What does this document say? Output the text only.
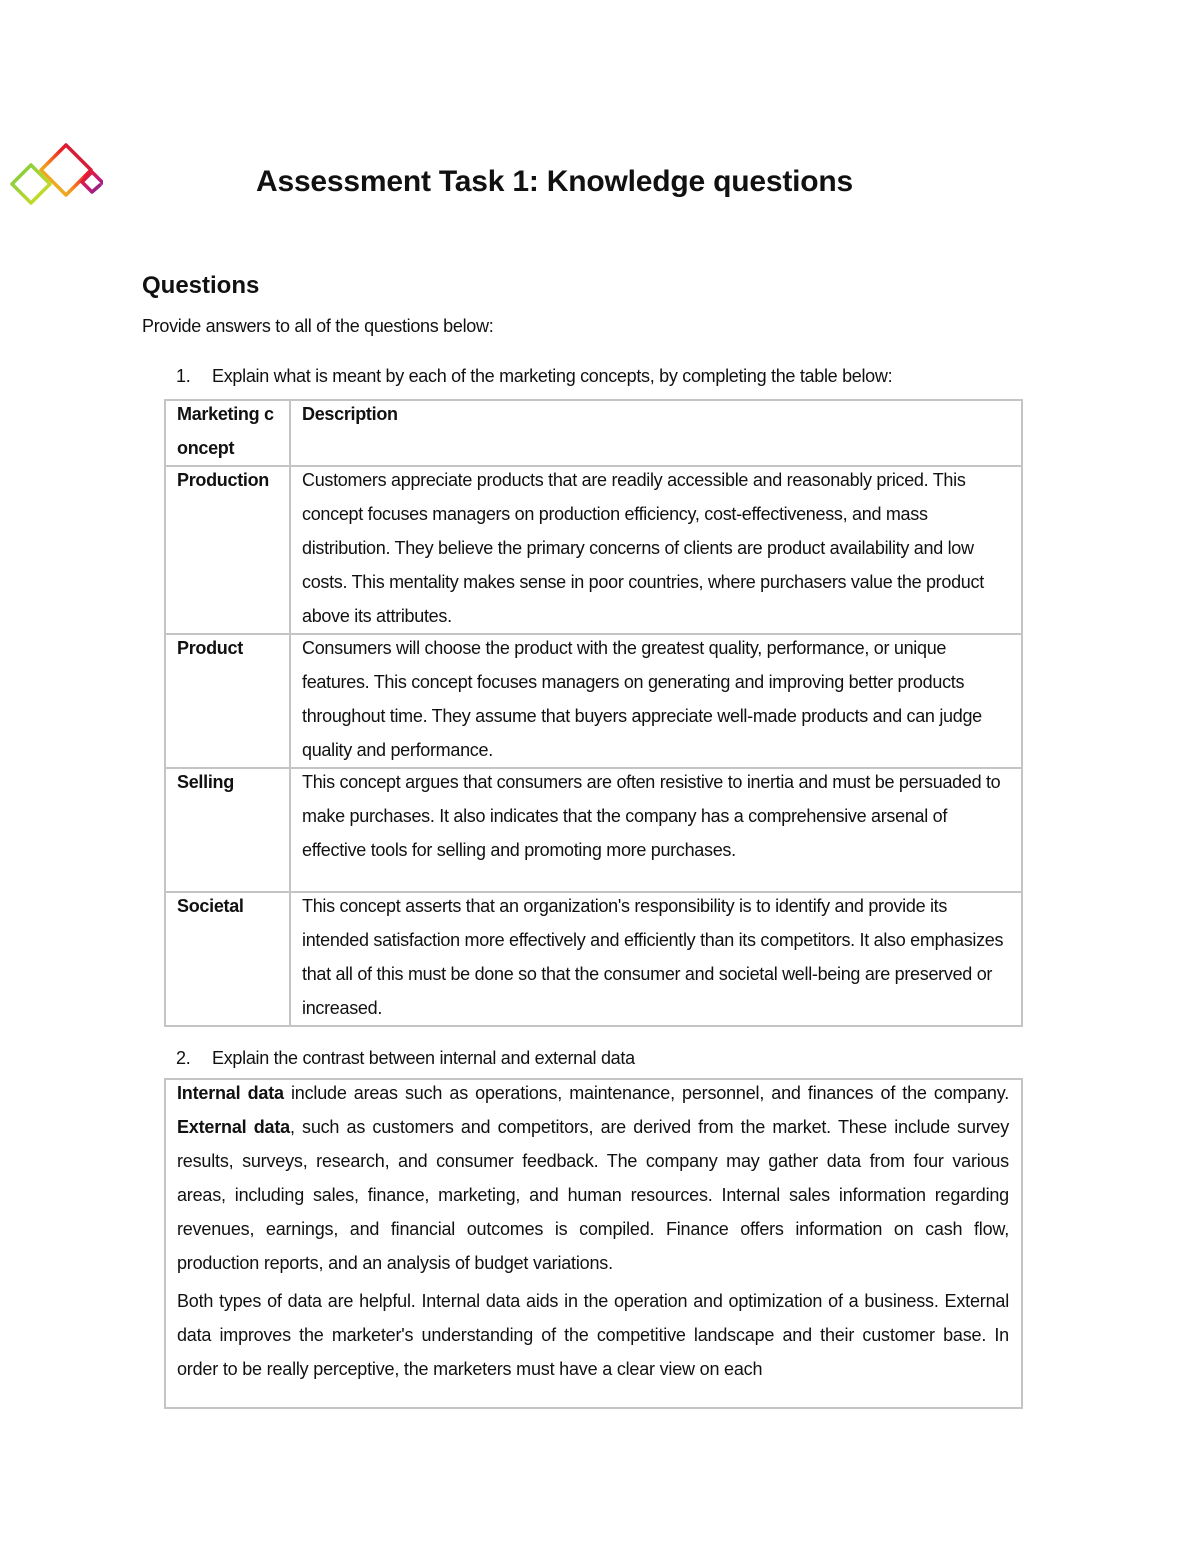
Assessment Task 1: Knowledge questions
Questions
Provide answers to all of the questions below:
1. Explain what is meant by each of the marketing concepts, by completing the table below:
Marketing concept	Description

Production	Customers appreciate products that are readily accessible and reasonably priced. This concept focuses managers on production efficiency, cost-effectiveness, and mass distribution. They believe the primary concerns of clients are product availability and low costs. This mentality makes sense in poor countries, where purchasers value the product above its attributes.

Product	Consumers will choose the product with the greatest quality, performance, or unique features. This concept focuses managers on generating and improving better products throughout time. They assume that buyers appreciate well-made products and can judge quality and performance.

Selling	This concept argues that consumers are often resistive to inertia and must be persuaded to make purchases. It also indicates that the company has a comprehensive arsenal of effective tools for selling and promoting more purchases.

Societal	This concept asserts that an organization's responsibility is to identify and provide its intended satisfaction more effectively and efficiently than its competitors. It also emphasizes that all of this must be done so that the consumer and societal well-being are preserved or increased.
2. Explain the contrast between internal and external data

Internal data include areas such as operations, maintenance, personnel, and finances of the company. External data, such as customers and competitors, are derived from the market. These include survey results, surveys, research, and consumer feedback. The company may gather data from four various areas, including sales, finance, marketing, and human resources. Internal sales information regarding revenues, earnings, and financial outcomes is compiled. Finance offers information on cash flow, production reports, and an analysis of budget variations.

Both types of data are helpful. Internal data aids in the operation and optimization of a business. External data improves the marketer's understanding of the competitive landscape and their customer base. In order to be really perceptive, the marketers must have a clear view on each
